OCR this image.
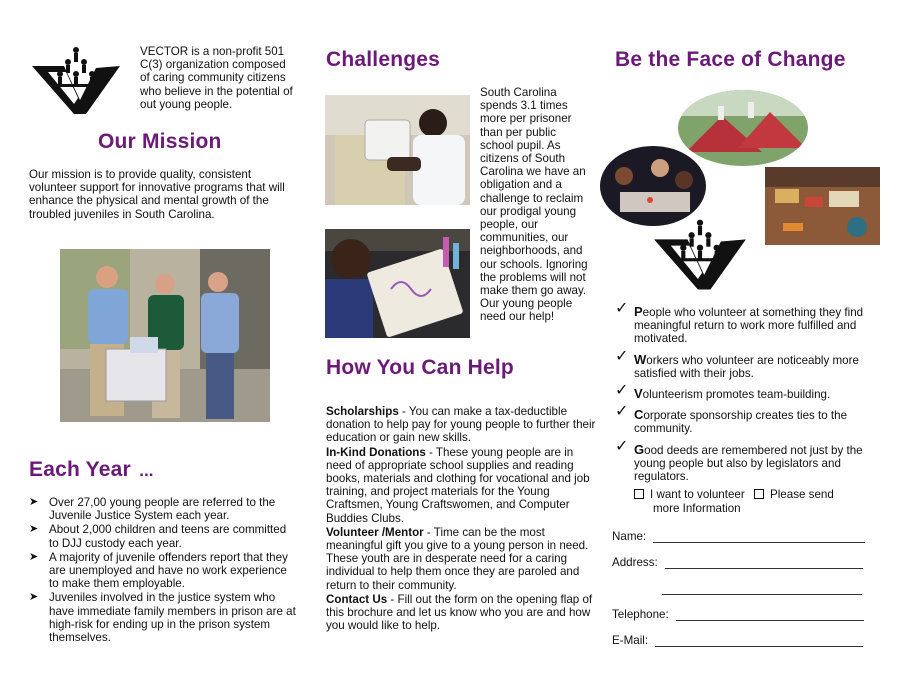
VECTOR is a non-profit 501 C(3) organization composed of caring community citizens who believe in the potential of out young people.

Our Mission

Our mission is to provide quality, consistent volunteer support for innovative programs that will enhance the physical and mental growth of the troubled juveniles in South Carolina.

Each Year ...
➤ Over 27,00 young people are referred to the Juvenile Justice System each year.
➤ About 2,000 children and teens are committed to DJJ custody each year.
➤ A majority of juvenile offenders report that they are unemployed and have no work experience to make them employable.
➤ Juveniles involved in the justice system who have immediate family members in prison are at high-risk for ending up in the prison system themselves.
Challenges

South Carolina spends 3.1 times more per prisoner than per public school pupil. As citizens of South Carolina we have an obligation and a challenge to reclaim our prodigal young people, our communities, our neighborhoods, and our schools. Ignoring the problems will not make them go away. Our young people need our help!

How You Can Help

Scholarships - You can make a tax-deductible donation to help pay for young people to further their education or gain new skills.

In-Kind Donations - These young people are in need of appropriate school supplies and reading books, materials and clothing for vocational and job training, and project materials for the Young Craftsmen, Young Craftswomen, and Computer Buddies Clubs.

Volunteer /Mentor - Time can be the most meaningful gift you give to a young person in need. These youth are in desperate need for a caring individual to help them once they are paroled and return to their community.

Contact Us - Fill out the form on the opening flap of this brochure and let us know who you are and how you would like to help.

Be the Face of Change
✓ People who volunteer at something they find meaningful return to work more fulfilled and motivated.
✓ Workers who volunteer are noticeably more satisfied with their jobs.
✓ Volunteerism promotes team-building.
✓ Corporate sponsorship creates ties to the community.
✓ Good deeds are remembered not just by the young people but also by legislators and regulators.
I want to volunteer Please send
more Information
Name:
Address:
Telephone:
E-Mail:
